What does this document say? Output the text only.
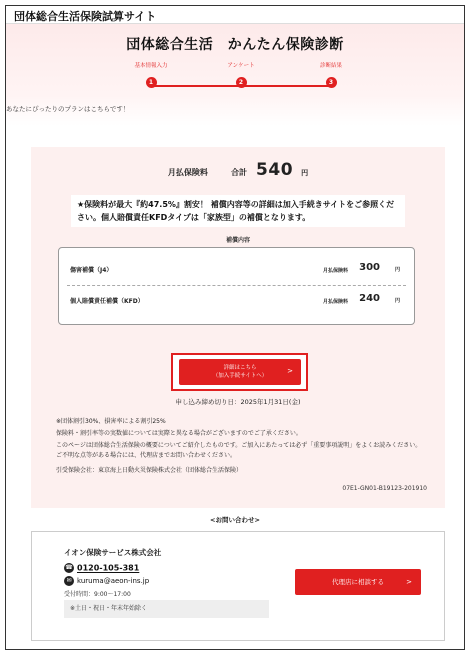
団体総合生活保険試算サイト
団体総合生活　かんたん保険診断
基本情報入力
1
アンケート
2
診断結果
3
あなたにぴったりのプランはこちらです！
月払保険料	合計 540 円
★保険料が最大『約47.5%』割安！ 補償内容等の詳細は加入手続きサイトをご参照ください。個人賠償責任KFDタイプは「家族型」の補償となります。
補償内容
傷害補償（J4）	月払保険料 300	円
個人賠償責任補償（KFD）	月払保険料 240	円
詳細はこちら
（加入手続サイトへ）
>
申し込み締め切り日：2025年1月31日(金)
※団体割引30%、損害率による割引25%
保険料・割引率等の実数値については実際と異なる場合がございますのでご了承ください。
このページは団体総合生活保険の概要についてご紹介したものです。ご加入にあたっては必ず「重要事項説明」をよくお読みください。ご不明な点等がある場合には、代理店までお問い合わせください。
引受保険会社：東京海上日動火災保険株式会社（団体総合生活保険）
07E1-GN01-B19123-201910
<お問い合わせ>
イオン保険サービス株式会社
☎ 0120-105-381
✉ kuruma@aeon-ins.jp
受付時間：9:00～17:00
※土日・祝日・年末年始除く
代理店に相談する	>
